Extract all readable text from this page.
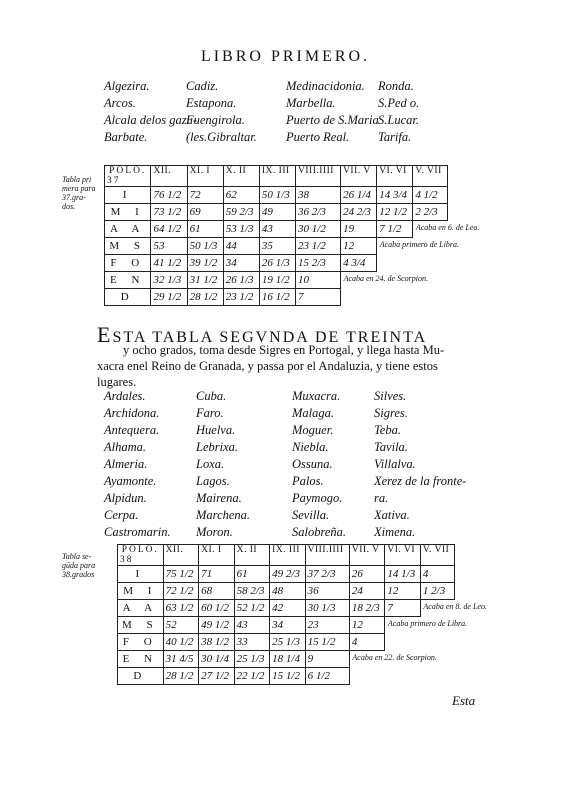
LIBRO PRIMERO.
Algezira.	Cadiz.	Medinacidonia.	Ronda.
Arcos.	Estapona.	Marbella.	S.Ped o.
Alcala delos gazu-
Fuengirola.	Puerto de S.Maria S.Lucar.
Barbate.	(les.Gibraltar.	Puerto Real.	Tarifa.
Tabla pri
mera para
37.gra-
dos.
POLO.
37	XII.	XI. I	X. II	IX. III	VIII.IIII	VII. V	VI. VI	V. VII

I	76 1/2	72	62	50 1/3	38	26 1/4	14 3/4	4 1/2
M I	73 1/2	69	59 2/3	49	36 2/3	24 2/3	12 1/2	2 2/3
A A	64 1/2	61	53 1/3	43	30 1/2	19	7 1/2	
M S	53	50 1/3	44	35	23 1/2	12		
F O	41 1/2	39 1/2	34	26 1/3	15 2/3	4 3/4		
E N	32 1/3	31 1/2	26 1/3	19 1/2	10			
D	29 1/2	28 1/2	23 1/2	16 1/2	7			
Acaba en 6. de Leo.
Acaba primero de Libra.
Acaba en 24. de Scorpion.
ESTA TABLA SEGVNDA DE TREINTA
y ocho grados, toma desde Sigres en Portogal, y llega hasta Mu-
xacra enel Reino de Granada, y passa por el Andaluzia, y tiene estos
lugares.
Ardales.	Cuba.	Muxacra.	Silves.
Archidona.	Faro.	Malaga.	Sigres.
Antequera.	Huelva.	Moguer.	Teba.
Alhama.	Lebrixa.	Niebla.	Tavila.
Almeria.	Loxa.	Ossuna.	Villalva.
Ayamonte.	Lagos.	Palos.	Xerez de la fronte-
Alpidun.	Mairena.	Paymogo.	ra.
Cerpa.	Marchena.	Sevilla.	Xativa.
Castromarin.	Moron.	Salobreña.	Ximena.
Tabla se-
gũda para
38.grados
POLO.
38	XII.	XI. I	X. II	IX. III	VIII.IIII	VII. V	VI. VI	V. VII

I	75 1/2	71	61	49 2/3	37 2/3	26	14 1/3	4
M I	72 1/2	68	58 2/3	48	36	24	12	1 2/3
A A	63 1/2	60 1/2	52 1/2	42	30 1/3	18 2/3	7	
M S	52	49 1/2	43	34	23	12		
F O	40 1/2	38 1/2	33	25 1/3	15 1/2	4		
E N	31 4/5	30 1/4	25 1/3	18 1/4	9			
D	28 1/2	27 1/2	22 1/2	15 1/2	6 1/2			
Acaba en 8. de Leo.
Acaba primero de Libra.
Acaba en 22. de Scorpion.
Esta
